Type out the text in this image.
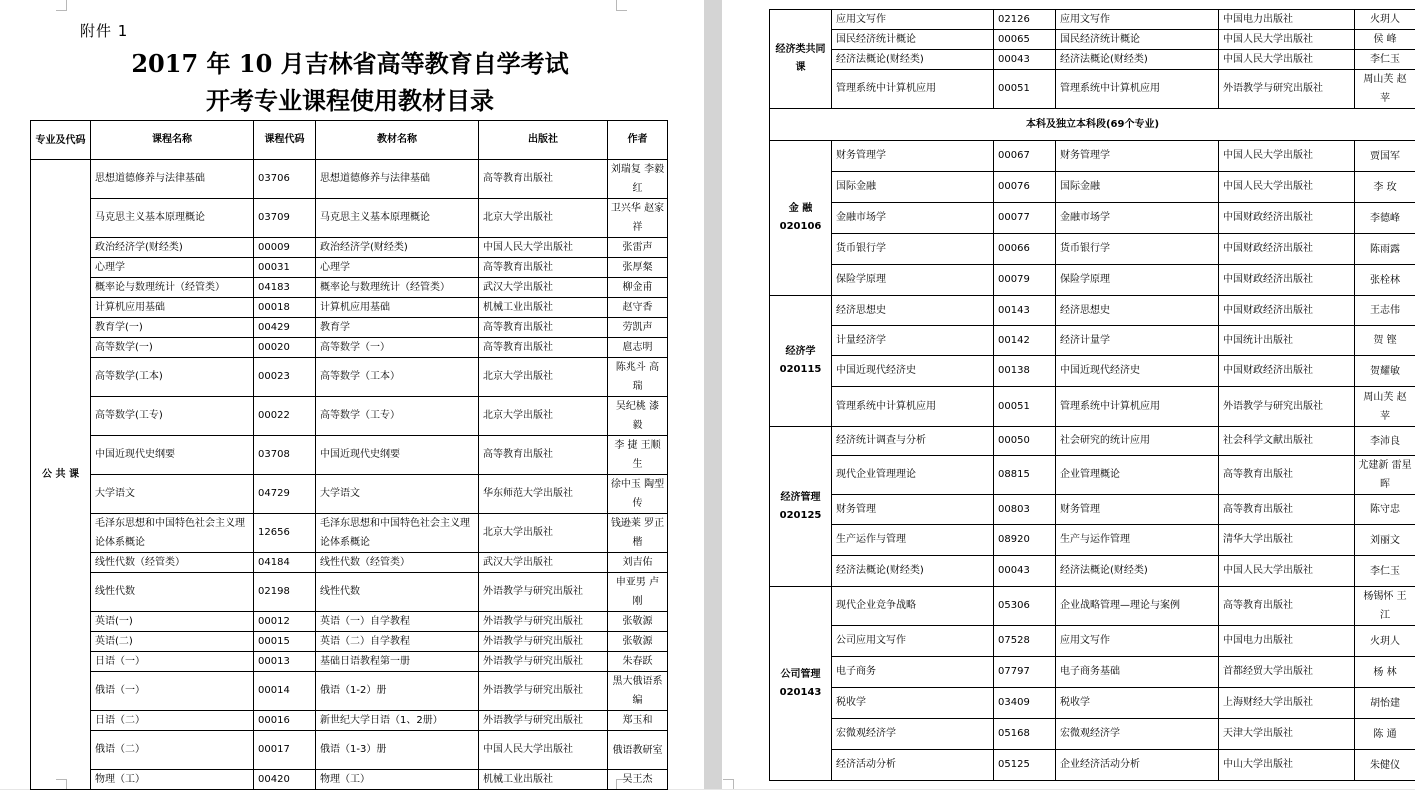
附件 1
2017 年 10 月吉林省高等教育自学考试
开考专业课程使用教材目录
专业及代码	课程名称	课程代码	教材名称	出版社	作者
公 共 课	思想道德修养与法律基础	03706	思想道德修养与法律基础	高等教育出版社	刘瑞复 李毅红
	马克思主义基本原理概论	03709	马克思主义基本原理概论	北京大学出版社	卫兴华 赵家祥
	政治经济学(财经类)	00009	政治经济学(财经类)	中国人民大学出版社	张雷声
	心理学	00031	心理学	高等教育出版社	张厚粲
	概率论与数理统计（经管类）	04183	概率论与数理统计（经管类）	武汉大学出版社	柳金甫
	计算机应用基础	00018	计算机应用基础	机械工业出版社	赵守香
	教育学(一)	00429	教育学	高等教育出版社	劳凯声
	高等数学(一)	00020	高等数学（一）	高等教育出版社	扈志明
	高等数学(工本)	00023	高等数学（工本）	北京大学出版社	陈兆斗 高 瑞
	高等数学(工专)	00022	高等数学（工专）	北京大学出版社	吴纪桃 漆 毅
	中国近现代史纲要	03708	中国近现代史纲要	高等教育出版社	李 捷 王顺生
	大学语文	04729	大学语文	华东师范大学出版社	徐中玉 陶型传
	毛泽东思想和中国特色社会主义理论体系概论	12656	毛泽东思想和中国特色社会主义理论体系概论	北京大学出版社	钱逊莱 罗正楷
	线性代数（经管类）	04184	线性代数（经管类）	武汉大学出版社	刘吉佑
	线性代数	02198	线性代数	外语教学与研究出版社	申亚男 卢 刚
	英语(一)	00012	英语（一）自学教程	外语教学与研究出版社	张敬源
	英语(二)	00015	英语（二）自学教程	外语教学与研究出版社	张敬源
	日语（一）	00013	基础日语教程第一册	外语教学与研究出版社	朱春跃
	俄语（一）	00014	俄语（1-2）册	外语教学与研究出版社	黑大俄语系编
	日语（二）	00016	新世纪大学日语（1、2册）	外语教学与研究出版社	郑玉和
	俄语（二）	00017	俄语（1-3）册	中国人民大学出版社	俄语教研室
	物理（工）	00420	物理（工）	机械工业出版社	吴王杰
经济类共同课	应用文写作	02126	应用文写作	中国电力出版社	火玥人
	国民经济统计概论	00065	国民经济统计概论	中国人民大学出版社	侯 峰
	经济法概论(财经类)	00043	经济法概论(财经类)	中国人民大学出版社	李仁玉
	管理系统中计算机应用	00051	管理系统中计算机应用	外语教学与研究出版社	周山芙 赵 苹
本科及独立本科段(69个专业)					
金 融 020106	财务管理学	00067	财务管理学	中国人民大学出版社	贾国军
	国际金融	00076	国际金融	中国人民大学出版社	李 玫
	金融市场学	00077	金融市场学	中国财政经济出版社	李德峰
	货币银行学	00066	货币银行学	中国财政经济出版社	陈雨露
	保险学原理	00079	保险学原理	中国财政经济出版社	张栓林
经济学 020115	经济思想史	00143	经济思想史	中国财政经济出版社	王志伟
	计量经济学	00142	经济计量学	中国统计出版社	贺 铿
	中国近现代经济史	00138	中国近现代经济史	中国财政经济出版社	贺耀敏
	管理系统中计算机应用	00051	管理系统中计算机应用	外语教学与研究出版社	周山芙 赵 苹
经济管理 020125	经济统计调查与分析	00050	社会研究的统计应用	社会科学文献出版社	李沛良
	现代企业管理理论	08815	企业管理概论	高等教育出版社	尤建新 雷星晖
	财务管理	00803	财务管理	高等教育出版社	陈守忠
	生产运作与管理	08920	生产与运作管理	清华大学出版社	刘丽文
	经济法概论(财经类)	00043	经济法概论(财经类)	中国人民大学出版社	李仁玉
公司管理 020143	现代企业竞争战略	05306	企业战略管理—理论与案例	高等教育出版社	杨锡怀 王 江
	公司应用文写作	07528	应用文写作	中国电力出版社	火玥人
	电子商务	07797	电子商务基础	首都经贸大学出版社	杨 林
	税收学	03409	税收学	上海财经大学出版社	胡怡建
	宏微观经济学	05168	宏微观经济学	天津大学出版社	陈 通
	经济活动分析	05125	企业经济活动分析	中山大学出版社	朱健仪
